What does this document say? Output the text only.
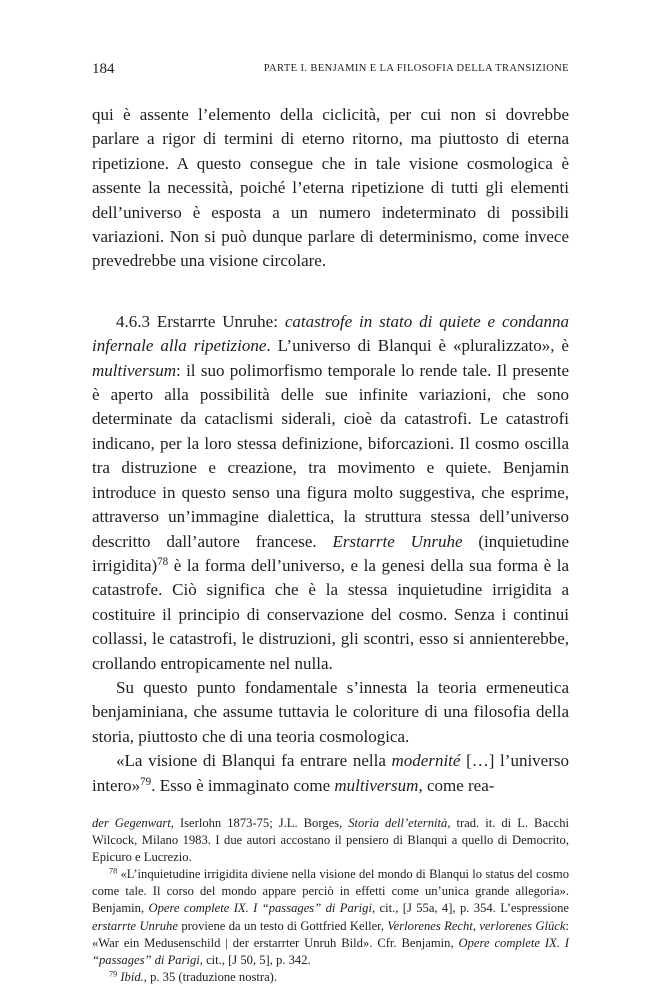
184	PARTE I. BENJAMIN E LA FILOSOFIA DELLA TRANSIZIONE

qui è assente l’elemento della ciclicità, per cui non si dovrebbe parlare a rigor di termini di eterno ritorno, ma piuttosto di eterna ripetizione. A questo consegue che in tale visione cosmologica è assente la necessità, poiché l’eterna ripetizione di tutti gli elementi dell’universo è esposta a un numero indeterminato di possibili variazioni. Non si può dunque parlare di determinismo, come invece prevedrebbe una visione circolare.

4.6.3 Erstarrte Unruhe: catastrofe in stato di quiete e condanna infernale alla ripetizione. L’universo di Blanqui è «pluralizzato», è multiversum: il suo polimorfismo temporale lo rende tale. Il presente è aperto alla possibilità delle sue infinite variazioni, che sono determinate da cataclismi siderali, cioè da catastrofi. Le catastrofi indicano, per la loro stessa definizione, biforcazioni. Il cosmo oscilla tra distruzione e creazione, tra movimento e quiete. Benjamin introduce in questo senso una figura molto suggestiva, che esprime, attraverso un’immagine dialettica, la struttura stessa dell’universo descritto dall’autore francese. Erstarrte Unruhe (inquietudine irrigidita)$^{78}$ è la forma dell’universo, e la genesi della sua forma è la catastrofe. Ciò significa che è la stessa inquietudine irrigidita a costituire il principio di conservazione del cosmo. Senza i continui collassi, le catastrofi, le distruzioni, gli scontri, esso si annienterebbe, crollando entropicamente nel nulla.

Su questo punto fondamentale s’innesta la teoria ermeneutica benjaminiana, che assume tuttavia le coloriture di una filosofia della storia, piuttosto che di una teoria cosmologica.

«La visione di Blanqui fa entrare nella modernité […] l’universo intero»$^{79}$. Esso è immaginato come multiversum, come rea-

der Gegenwart, Iserlohn 1873-75; J.L. Borges, Storia dell’eternità, trad. it. di L. Bacchi Wilcock, Milano 1983. I due autori accostano il pensiero di Blanqui a quello di Democrito, Epicuro e Lucrezio.

$^{78}$ «L’inquietudine irrigidita diviene nella visione del mondo di Blanqui lo status del cosmo come tale. Il corso del mondo appare perciò in effetti come un’unica grande allegoria». Benjamin, Opere complete IX. I “passages” di Parigi, cit., [J 55a, 4], p. 354. L’espressione erstarrte Unruhe proviene da un testo di Gottfried Keller, Verlorenes Recht, verlorenes Glück: «War ein Medusenschild | der erstarrter Unruh Bild». Cfr. Benjamin, Opere complete IX. I “passages” di Parigi, cit., [J 50, 5], p. 342.

$^{79}$ Ibid., p. 35 (traduzione nostra).
